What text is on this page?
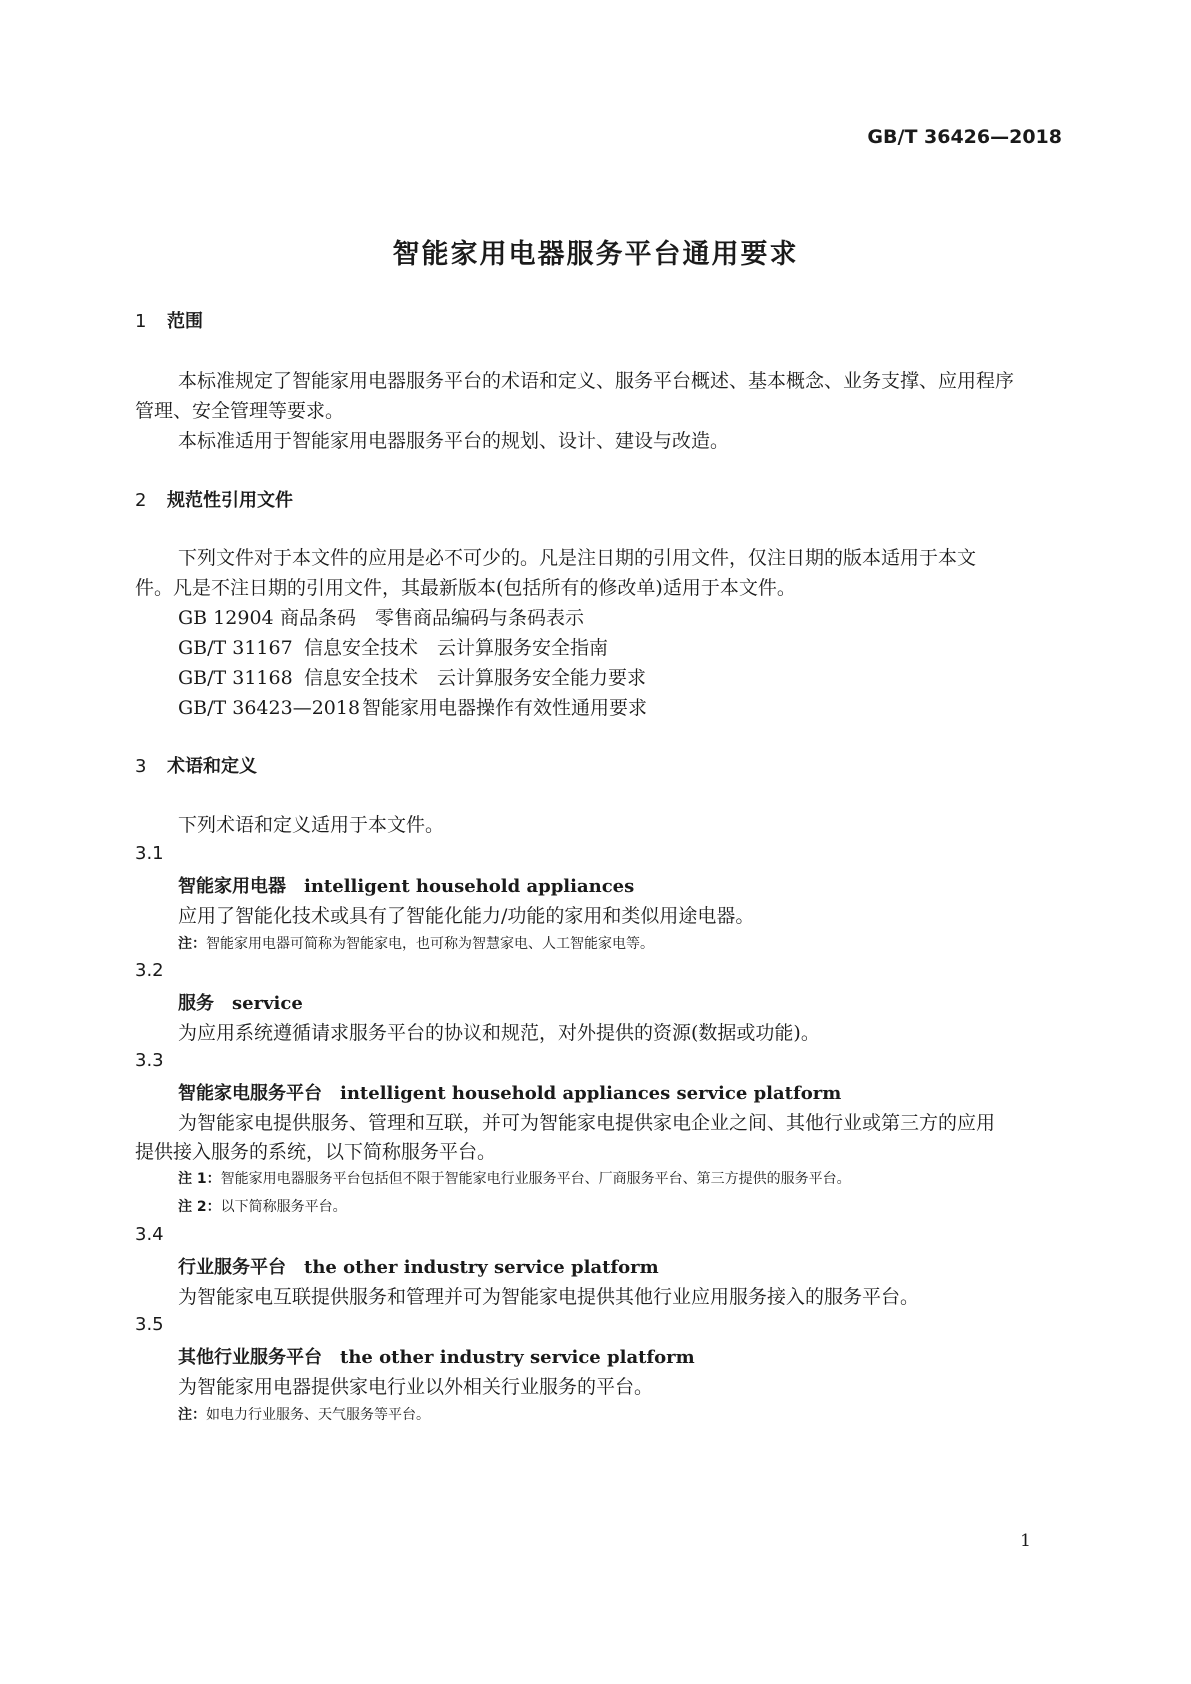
GB/T 36426—2018
智能家用电器服务平台通用要求
1 范围
本标准规定了智能家用电器服务平台的术语和定义、服务平台概述、基本概念、业务支撑、应用程序
管理、安全管理等要求。
本标准适用于智能家用电器服务平台的规划、设计、建设与改造。
2 规范性引用文件
下列文件对于本文件的应用是必不可少的。凡是注日期的引用文件，仅注日期的版本适用于本文
件。凡是不注日期的引用文件，其最新版本(包括所有的修改单)适用于本文件。
GB 12904 商品条码　零售商品编码与条码表示
GB/T 31167 信息安全技术　云计算服务安全指南
GB/T 31168 信息安全技术　云计算服务安全能力要求
GB/T 36423—2018 智能家用电器操作有效性通用要求
3 术语和定义
下列术语和定义适用于本文件。
3.1
智能家用电器 intelligent household appliances
应用了智能化技术或具有了智能化能力/功能的家用和类似用途电器。
注：智能家用电器可简称为智能家电，也可称为智慧家电、人工智能家电等。
3.2
服务 service
为应用系统遵循请求服务平台的协议和规范，对外提供的资源(数据或功能)。
3.3
智能家电服务平台 intelligent household appliances service platform
为智能家电提供服务、管理和互联，并可为智能家电提供家电企业之间、其他行业或第三方的应用
提供接入服务的系统，以下简称服务平台。
注 1：智能家用电器服务平台包括但不限于智能家电行业服务平台、厂商服务平台、第三方提供的服务平台。
注 2：以下简称服务平台。
3.4
行业服务平台 the other industry service platform
为智能家电互联提供服务和管理并可为智能家电提供其他行业应用服务接入的服务平台。
3.5
其他行业服务平台 the other industry service platform
为智能家用电器提供家电行业以外相关行业服务的平台。
注：如电力行业服务、天气服务等平台。
1
